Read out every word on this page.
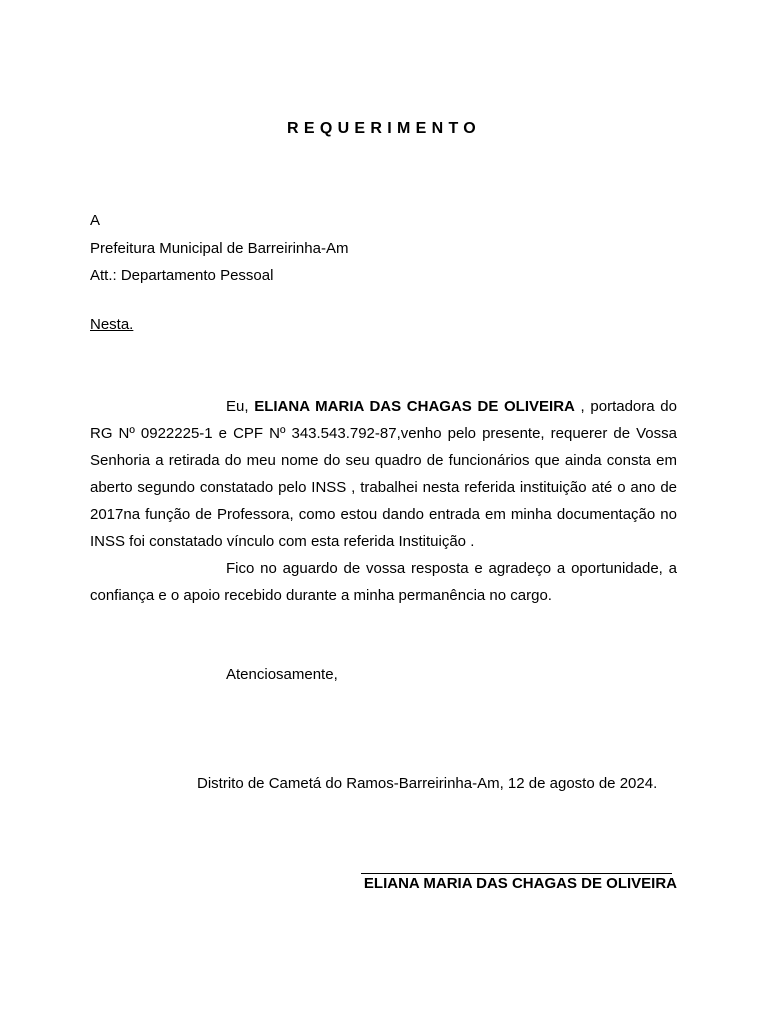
REQUERIMENTO
A
Prefeitura Municipal de Barreirinha-Am
Att.: Departamento Pessoal
Nesta.

Eu, ELIANA MARIA DAS CHAGAS DE OLIVEIRA , portadora do RG Nº 0922225-1 e CPF Nº 343.543.792-87,venho pelo presente, requerer de Vossa Senhoria a retirada do meu nome do seu quadro de funcionários que ainda consta em aberto segundo constatado pelo INSS , trabalhei nesta referida instituição até o ano de 2017na função de Professora, como estou dando entrada em minha documentação no INSS foi constatado vínculo com esta referida Instituição .

Fico no aguardo de vossa resposta e agradeço a oportunidade, a confiança e o apoio recebido durante a minha permanência no cargo.

Atenciosamente,
Distrito de Cametá do Ramos-Barreirinha-Am, 12 de agosto de 2024.
ELIANA MARIA DAS CHAGAS DE OLIVEIRA
